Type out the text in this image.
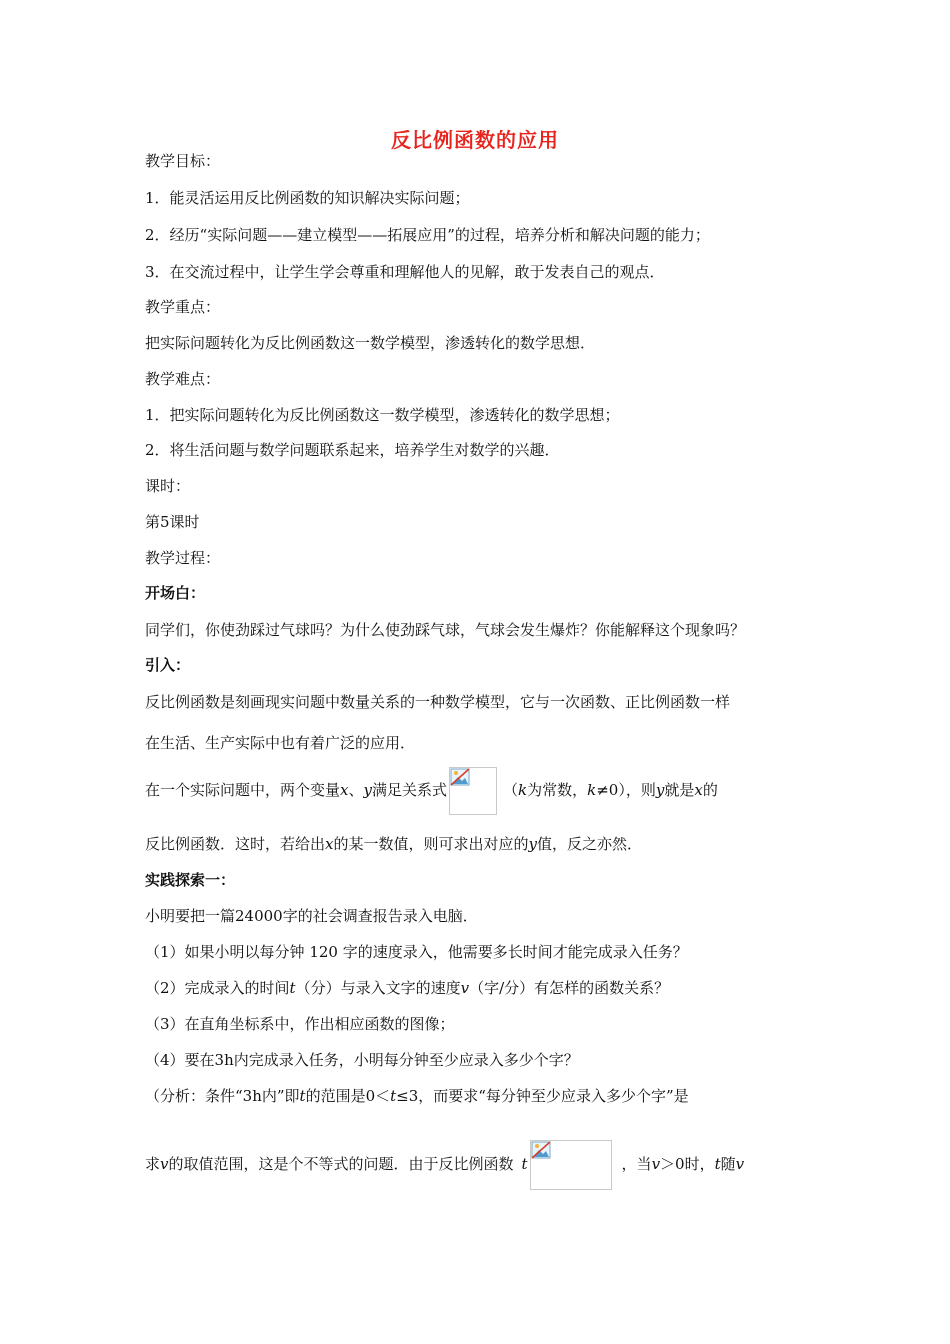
反比例函数的应用
教学目标：
1．能灵活运用反比例函数的知识解决实际问题；
2．经历“实际问题——建立模型——拓展应用”的过程，培养分析和解决问题的能力；
3．在交流过程中，让学生学会尊重和理解他人的见解，敢于发表自己的观点．
教学重点：
把实际问题转化为反比例函数这一数学模型，渗透转化的数学思想．
教学难点：
1．把实际问题转化为反比例函数这一数学模型，渗透转化的数学思想；
2．将生活问题与数学问题联系起来，培养学生对数学的兴趣．
课时：
第5课时
教学过程：
开场白：
同学们，你使劲踩过气球吗？为什么使劲踩气球，气球会发生爆炸？你能解释这个现象吗？
引入：
反比例函数是刻画现实问题中数量关系的一种数学模型，它与一次函数、正比例函数一样
在生活、生产实际中也有着广泛的应用．
在一个实际问题中，两个变量x、y满足关系式	（k为常数，k≠0），则y就是x的
反比例函数．这时，若给出x的某一数值，则可求出对应的y值，反之亦然．
实践探索一：
小明要把一篇24000字的社会调查报告录入电脑．
（1）如果小明以每分钟 120 字的速度录入，他需要多长时间才能完成录入任务？
（2）完成录入的时间t（分）与录入文字的速度v（字/分）有怎样的函数关系？
（3）在直角坐标系中，作出相应函数的图像；
（4）要在3h内完成录入任务，小明每分钟至少应录入多少个字？
（分析：条件“3h内”即t的范围是0＜t≤3，而要求“每分钟至少应录入多少个字”是
求v的取值范围，这是个不等式的问题．由于反比例函数 t	，当v＞0时，t随v
